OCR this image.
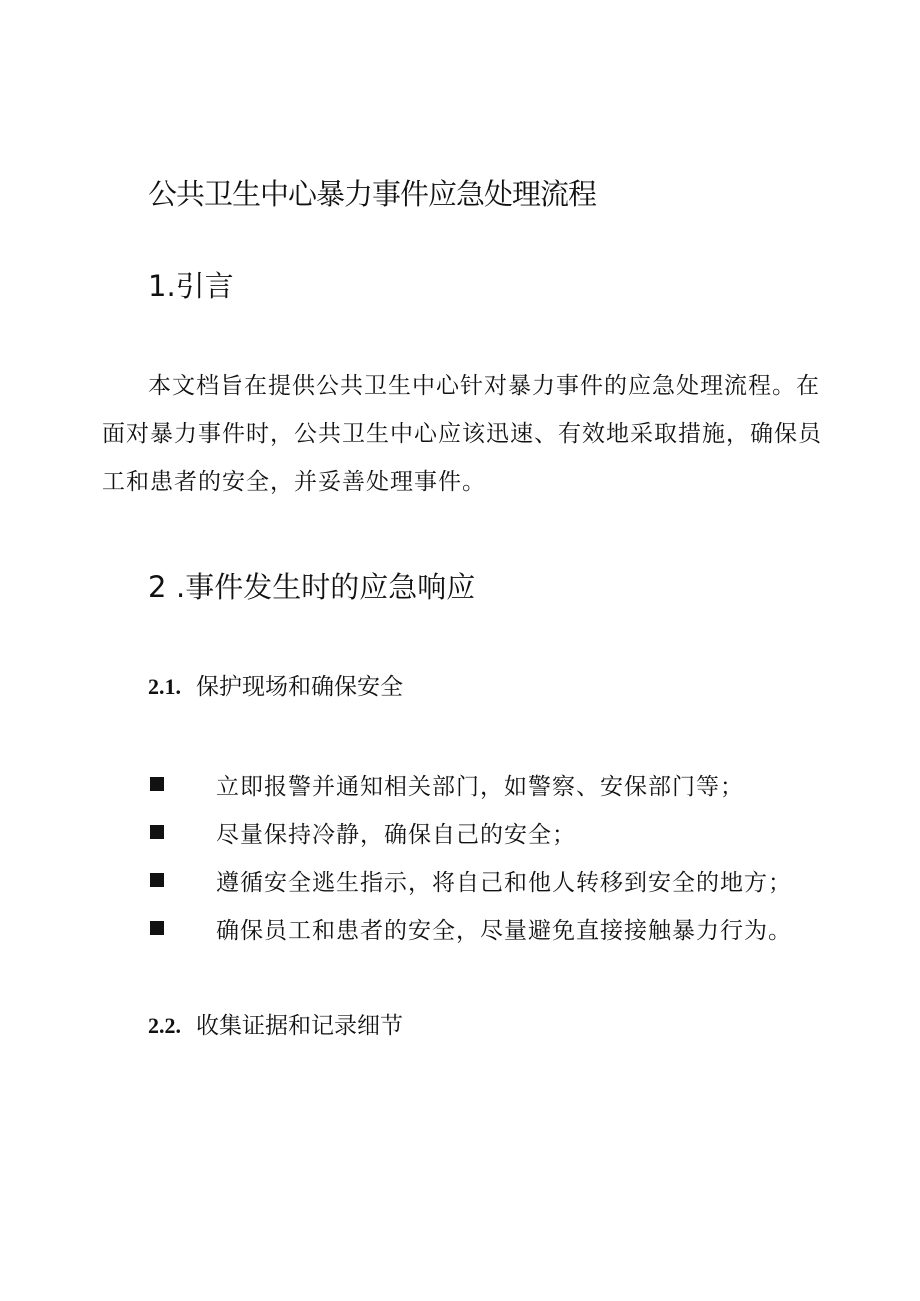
公共卫生中心暴力事件应急处理流程
1.引言
本文档旨在提供公共卫生中心针对暴力事件的应急处理流程。在面对暴力事件时，公共卫生中心应该迅速、有效地采取措施，确保员工和患者的安全，并妥善处理事件。
2 .事件发生时的应急响应
2.1. 保护现场和确保安全
立即报警并通知相关部门，如警察、安保部门等；
尽量保持冷静，确保自己的安全；
遵循安全逃生指示，将自己和他人转移到安全的地方；
确保员工和患者的安全，尽量避免直接接触暴力行为。
2.2. 收集证据和记录细节
